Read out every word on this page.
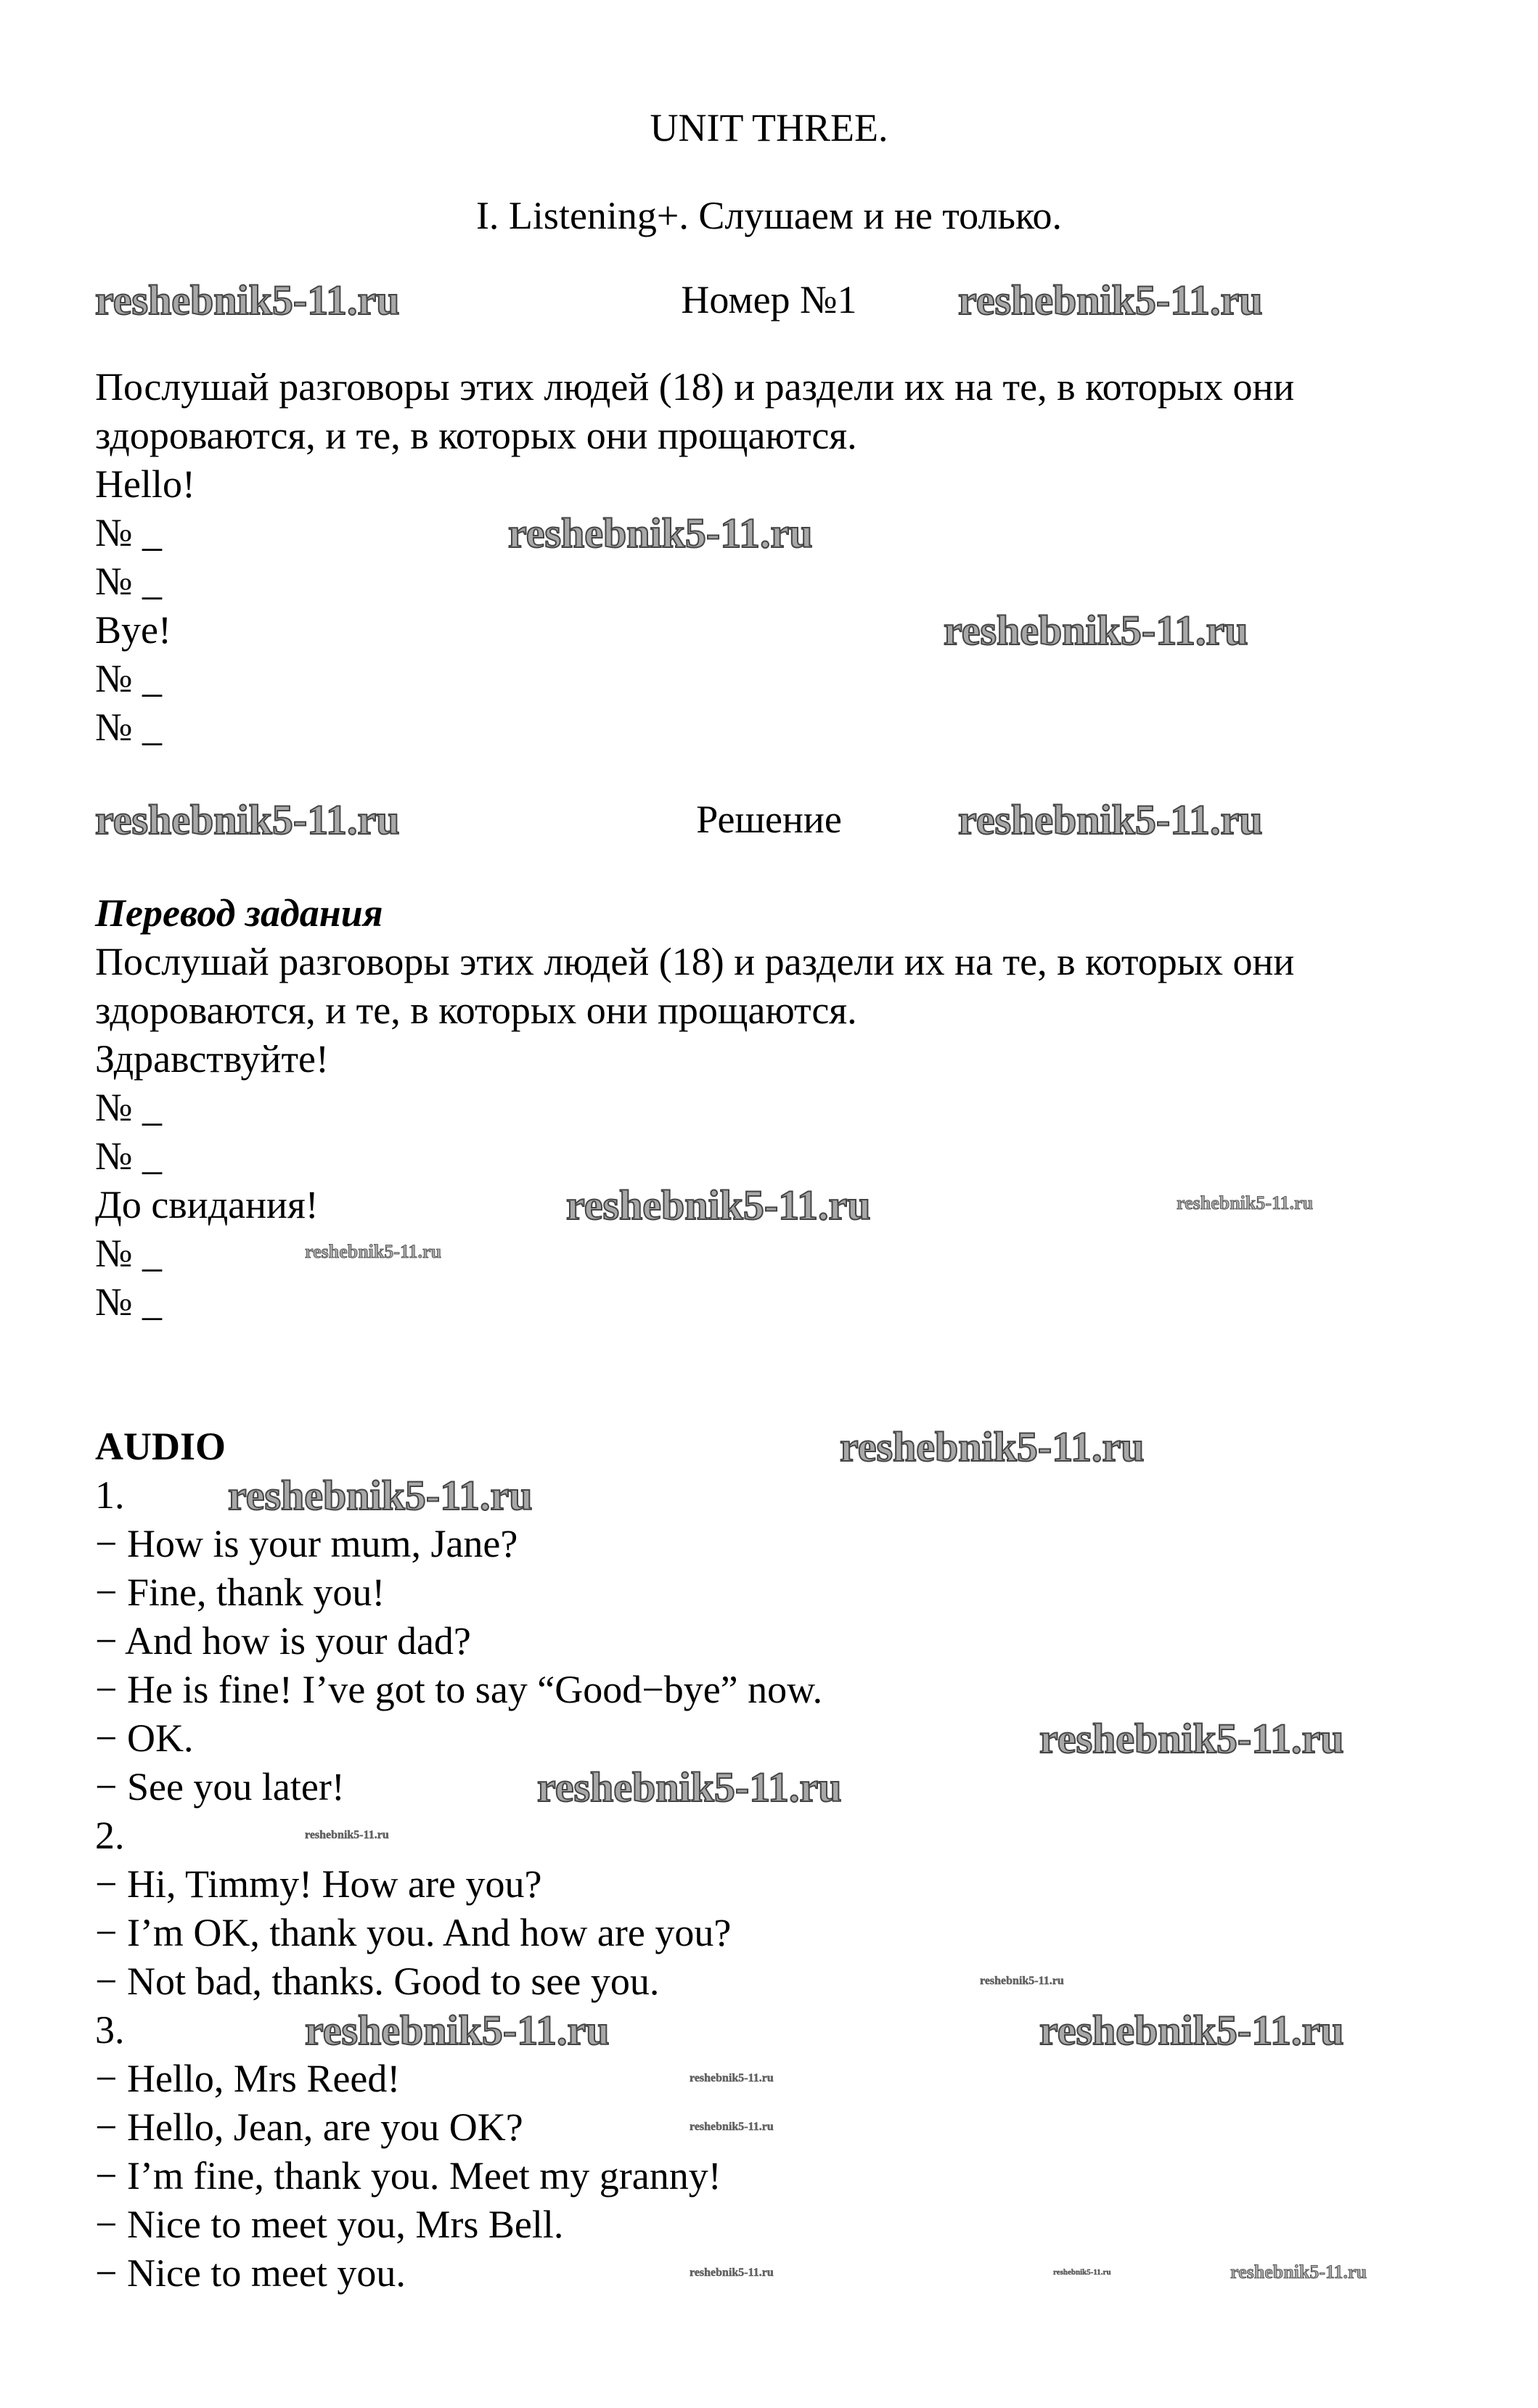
UNIT THREE.
I. Listening+. Слушаем и не только.
Номер №1
Послушай разговоры этих людей (18) и раздели их на те, в которых они
здороваются, и те, в которых они прощаются.
Hello!
№ _
№ _
Bye!
№ _
№ _
Решение
Перевод задания
Послушай разговоры этих людей (18) и раздели их на те, в которых они
здороваются, и те, в которых они прощаются.
Здравствуйте!
№ _
№ _
До свидания!
№ _
№ _
AUDIO
1.
− How is your mum, Jane?
− Fine, thank you!
− And how is your dad?
− He is fine! I’ve got to say “Good−bye” now.
− OK.
− See you later!
2.
− Hi, Timmy! How are you?
− I’m OK, thank you. And how are you?
− Not bad, thanks. Good to see you.
3.
− Hello, Mrs Reed!
− Hello, Jean, are you OK?
− I’m fine, thank you. Meet my granny!
− Nice to meet you, Mrs Bell.
− Nice to meet you.
reshebnik5-11.ru	reshebnik5-11.ru
reshebnik5-11.ru
reshebnik5-11.ru
reshebnik5-11.ru	reshebnik5-11.ru
reshebnik5-11.ru	reshebnik5-11.ru
reshebnik5-11.ru
reshebnik5-11.ru
reshebnik5-11.ru
reshebnik5-11.ru
reshebnik5-11.ru
reshebnik5-11.ru
reshebnik5-11.ru
reshebnik5-11.ru
reshebnik5-11.ru
reshebnik5-11.ru
reshebnik5-11.ru
reshebnik5-11.ru	reshebnik5-11.ru	reshebnik5-11.ru
